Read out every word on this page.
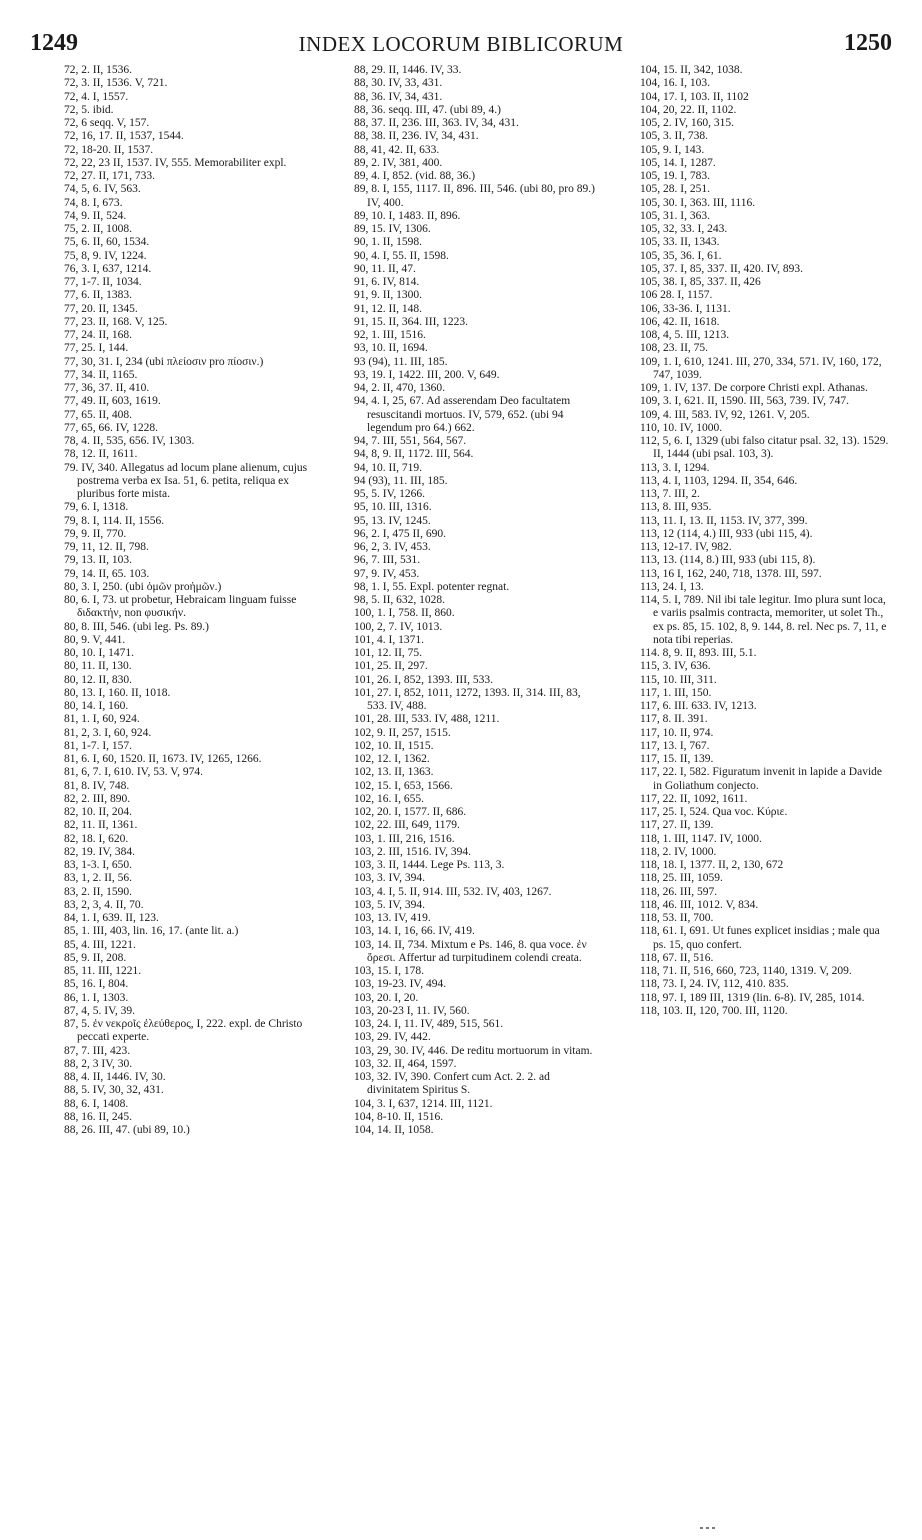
1249	INDEX LOCORUM BIBLICORUM	1250

72, 2. II, 1536.

72, 3. II, 1536. V, 721.

72, 4. I, 1557.

72, 5. ibid.

72, 6 seqq. V, 157.

72, 16, 17. II, 1537, 1544.

72, 18-20. II, 1537.

72, 22, 23 II, 1537. IV, 555. Memorabiliter expl.

72, 27. II, 171, 733.

74, 5, 6. IV, 563.

74, 8. I, 673.

74, 9. II, 524.

75, 2. II, 1008.

75, 6. II, 60, 1534.

75, 8, 9. IV, 1224.

76, 3. I, 637, 1214.

77, 1-7. II, 1034.

77, 6. II, 1383.

77, 20. II, 1345.

77, 23. II, 168. V, 125.

77, 24. II, 168.

77, 25. I, 144.

77, 30, 31. I, 234 (ubi πλείοσιν pro πίοσιν.)

77, 34. II, 1165.

77, 36, 37. II, 410.

77, 49. II, 603, 1619.

77, 65. II, 408.

77, 65, 66. IV, 1228.

78, 4. II, 535, 656. IV, 1303.

78, 12. II, 1611.

79. IV, 340. Allegatus ad locum plane alienum, cujus postrema verba ex Isa. 51, 6. petita, reliqua ex pluribus forte mista.

79, 6. I, 1318.

79, 8. I, 114. II, 1556.

79, 9. II, 770.

79, 11, 12. II, 798.

79, 13. II, 103.

79, 14. II, 65. 103.

80, 3. I, 250. (ubi ὁμῶν proἡμῶν.)

80, 6. I, 73. ut probetur, Hebraicam linguam fuisse διδακτήν, non φυσικήν.

80, 8. III, 546. (ubi leg. Ps. 89.)

80, 9. V, 441.

80, 10. I, 1471.

80, 11. II, 130.

80, 12. II, 830.

80, 13. I, 160. II, 1018.

80, 14. I, 160.

81, 1. I, 60, 924.

81, 2, 3. I, 60, 924.

81, 1-7. I, 157.

81, 6. I, 60, 1520. II, 1673. IV, 1265, 1266.

81, 6, 7. I, 610. IV, 53. V, 974.

81, 8. IV, 748.

82, 2. III, 890.

82, 10. II, 204.

82, 11. II, 1361.

82, 18. I, 620.

82, 19. IV, 384.

83, 1-3. I, 650.

83, 1, 2. II, 56.

83, 2. II, 1590.

83, 2, 3, 4. II, 70.

84, 1. I, 639. II, 123.

85, 1. III, 403, lin. 16, 17. (ante lit. a.)

85, 4. III, 1221.

85, 9. II, 208.

85, 11. III, 1221.

85, 16. I, 804.

86, 1. I, 1303.

87, 4, 5. IV, 39.

87, 5. ἐν νεκροῖς ἐλεύθερος, I, 222. expl. de Christo peccati experte.

87, 7. III, 423.

88, 2, 3 IV, 30.

88, 4. II, 1446. IV, 30.

88, 5. IV, 30, 32, 431.

88, 6. I, 1408.

88, 16. II, 245.

88, 26. III, 47. (ubi 89, 10.)

88, 29. II, 1446. IV, 33.

88, 30. IV, 33, 431.

88, 36. IV, 34, 431.

88, 36. seqq. III, 47. (ubi 89, 4.)

88, 37. II, 236. III, 363. IV, 34, 431.

88, 38. II, 236. IV, 34, 431.

88, 41, 42. II, 633.

89, 2. IV, 381, 400.

89, 4. I, 852. (vid. 88, 36.)

89, 8. I, 155, 1117. II, 896. III, 546. (ubi 80, pro 89.) IV, 400.

89, 10. I, 1483. II, 896.

89, 15. IV, 1306.

90, 1. II, 1598.

90, 4. I, 55. II, 1598.

90, 11. II, 47.

91, 6. IV, 814.

91, 9. II, 1300.

91, 12. II, 148.

91, 15. II, 364. III, 1223.

92, 1. III, 1516.

93, 10. II, 1694.

93 (94), 11. III, 185.

93, 19. I, 1422. III, 200. V, 649.

94, 2. II, 470, 1360.

94, 4. I, 25, 67. Ad asserendam Deo facultatem resuscitandi mortuos. IV, 579, 652. (ubi 94 legendum pro 64.) 662.

94, 7. III, 551, 564, 567.

94, 8, 9. II, 1172. III, 564.

94, 10. II, 719.

94 (93), 11. III, 185.

95, 5. IV, 1266.

95, 10. III, 1316.

95, 13. IV, 1245.

96, 2. I, 475 II, 690.

96, 2, 3. IV, 453.

96, 7. III, 531.

97, 9. IV, 453.

98, 1. I, 55. Expl. potenter regnat.

98, 5. II, 632, 1028.

100, 1. I, 758. II, 860.

100, 2, 7. IV, 1013.

101, 4. I, 1371.

101, 12. II, 75.

101, 25. II, 297.

101, 26. I, 852, 1393. III, 533.

101, 27. I, 852, 1011, 1272, 1393. II, 314. III, 83, 533. IV, 488.

101, 28. III, 533. IV, 488, 1211.

102, 9. II, 257, 1515.

102, 10. II, 1515.

102, 12. I, 1362.

102, 13. II, 1363.

102, 15. I, 653, 1566.

102, 16. I, 655.

102, 20. I, 1577. II, 686.

102, 22. III, 649, 1179.

103, 1. III, 216, 1516.

103, 2. III, 1516. IV, 394.

103, 3. II, 1444. Lege Ps. 113, 3.

103, 3. IV, 394.

103, 4. I, 5. II, 914. III, 532. IV, 403, 1267.

103, 5. IV, 394.

103, 13. IV, 419.

103, 14. I, 16, 66. IV, 419.

103, 14. II, 734. Mixtum e Ps. 146, 8. qua voce. ἐν ὄρεσι. Affertur ad turpitudinem colendi creata.

103, 15. I, 178.

103, 19-23. IV, 494.

103, 20. I, 20.

103, 20-23 I, 11. IV, 560.

103, 24. I, 11. IV, 489, 515, 561.

103, 29. IV, 442.

103, 29, 30. IV, 446. De reditu mortuorum in vitam.

103, 32. II, 464, 1597.

103, 32. IV, 390. Confert cum Act. 2. 2. ad divinitatem Spiritus S.

104, 3. I, 637, 1214. III, 1121.

104, 8-10. II, 1516.

104, 14. II, 1058.

104, 15. II, 342, 1038.

104, 16. I, 103.

104, 17. I, 103. II, 1102

104, 20, 22. II, 1102.

105, 2. IV, 160, 315.

105, 3. II, 738.

105, 9. I, 143.

105, 14. I, 1287.

105, 19. I, 783.

105, 28. I, 251.

105, 30. I, 363. III, 1116.

105, 31. I, 363.

105, 32, 33. I, 243.

105, 33. II, 1343.

105, 35, 36. I, 61.

105, 37. I, 85, 337. II, 420. IV, 893.

105, 38. I, 85, 337. II, 426

106 28. I, 1157.

106, 33-36. I, 1131.

106, 42. II, 1618.

108, 4, 5. III, 1213.

108, 23. II, 75.

109, 1. I, 610, 1241. III, 270, 334, 571. IV, 160, 172, 747, 1039.

109, 1. IV, 137. De corpore Christi expl. Athanas.

109, 3. I, 621. II, 1590. III, 563, 739. IV, 747.

109, 4. III, 583. IV, 92, 1261. V, 205.

110, 10. IV, 1000.

112, 5, 6. I, 1329 (ubi falso citatur psal. 32, 13). 1529. II, 1444 (ubi psal. 103, 3).

113, 3. I, 1294.

113, 4. I, 1103, 1294. II, 354, 646.

113, 7. III, 2.

113, 8. III, 935.

113, 11. I, 13. II, 1153. IV, 377, 399.

113, 12 (114, 4.) III, 933 (ubi 115, 4).

113, 12-17. IV, 982.

113, 13. (114, 8.) III, 933 (ubi 115, 8).

113, 16 I, 162, 240, 718, 1378. III, 597.

113, 24. I, 13.

114, 5. I, 789. Nil ibi tale legitur. Imo plura sunt loca, e variis psalmis contracta, memoriter, ut solet Th., ex ps. 85, 15. 102, 8, 9. 144, 8. rel. Nec ps. 7, 11, e nota tibi reperias.

114. 8, 9. II, 893. III, 5.1.

115, 3. IV, 636.

115, 10. III, 311.

117, 1. III, 150.

117, 6. III. 633. IV, 1213.

117, 8. II. 391.

117, 10. II, 974.

117, 13. I, 767.

117, 15. II, 139.

117, 22. I, 582. Figuratum invenit in lapide a Davide in Goliathum conjecto.

117, 22. II, 1092, 1611.

117, 25. I, 524. Qua voc. Κύριε.

117, 27. II, 139.

118, 1. III, 1147. IV, 1000.

118, 2. IV, 1000.

118, 18. I, 1377. II, 2, 130, 672

118, 25. III, 1059.

118, 26. III, 597.

118, 46. III, 1012. V, 834.

118, 53. II, 700.

118, 61. I, 691. Ut funes explicet insidias ; male qua ps. 15, quo confert.

118, 67. II, 516.

118, 71. II, 516, 660, 723, 1140, 1319. V, 209.

118, 73. I, 24. IV, 112, 410. 835.

118, 97. I, 189 III, 1319 (lin. 6-8). IV, 285, 1014.

118, 103. II, 120, 700. III, 1120.
